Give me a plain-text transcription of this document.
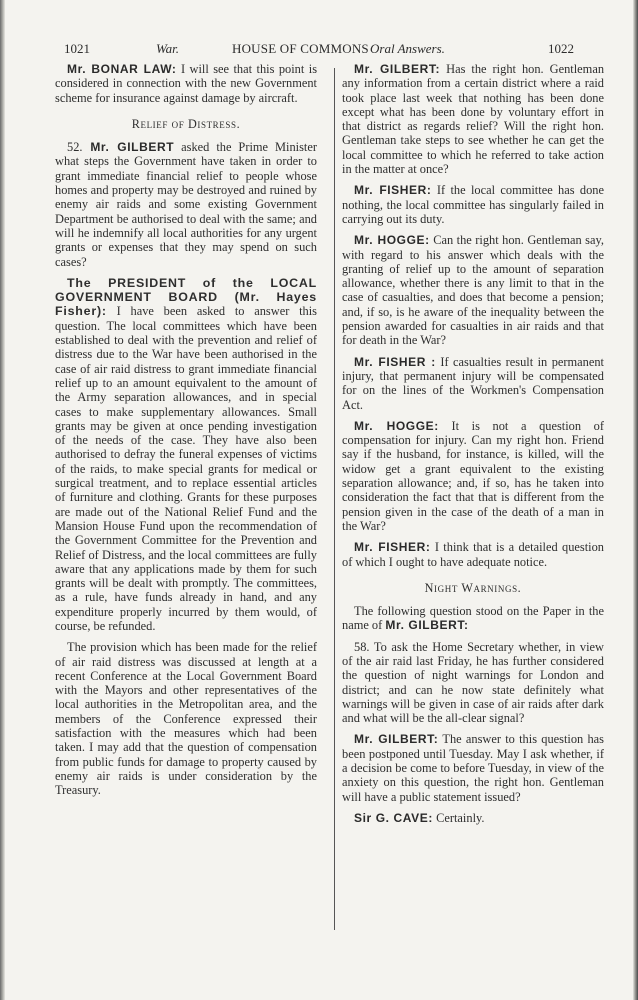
1021	War.	HOUSE OF COMMONS Oral Answers.	1022

Mr. BONAR LAW: I will see that this point is considered in connection with the new Government scheme for insurance against damage by aircraft.

Relief of Distress.

52. Mr. GILBERT asked the Prime Minister what steps the Government have taken in order to grant immediate financial relief to people whose homes and property may be destroyed and ruined by enemy air raids and some existing Government Department be authorised to deal with the same; and will he indemnify all local authorities for any urgent grants or expenses that they may spend on such cases?

The PRESIDENT of the LOCAL GOVERNMENT BOARD (Mr. Hayes Fisher): I have been asked to answer this question. The local committees which have been established to deal with the prevention and relief of distress due to the War have been authorised in the case of air raid distress to grant immediate financial relief up to an amount equivalent to the amount of the Army separation allowances, and in special cases to make supplementary allowances. Small grants may be given at once pending investigation of the needs of the case. They have also been authorised to defray the funeral expenses of victims of the raids, to make special grants for medical or surgical treatment, and to replace essential articles of furniture and clothing. Grants for these purposes are made out of the National Relief Fund and the Mansion House Fund upon the recommendation of the Government Committee for the Prevention and Relief of Distress, and the local committees are fully aware that any applications made by them for such grants will be dealt with promptly. The committees, as a rule, have funds already in hand, and any expenditure properly incurred by them would, of course, be refunded.

The provision which has been made for the relief of air raid distress was discussed at length at a recent Conference at the Local Government Board with the Mayors and other representatives of the local authorities in the Metropolitan area, and the members of the Conference expressed their satisfaction with the measures which had been taken. I may add that the question of compensation from public funds for damage to property caused by enemy air raids is under consideration by the Treasury.

Mr. GILBERT: Has the right hon. Gentleman any information from a certain district where a raid took place last week that nothing has been done except what has been done by voluntary effort in that district as regards relief? Will the right hon. Gentleman take steps to see whether he can get the local committee to which he referred to take action in the matter at once?

Mr. FISHER: If the local committee has done nothing, the local committee has singularly failed in carrying out its duty.

Mr. HOGGE: Can the right hon. Gentleman say, with regard to his answer which deals with the granting of relief up to the amount of separation allowance, whether there is any limit to that in the case of casualties, and does that become a pension; and, if so, is he aware of the inequality between the pension awarded for casualties in air raids and that for death in the War?

Mr. FISHER : If casualties result in permanent injury, that permanent injury will be compensated for on the lines of the Workmen's Compensation Act.

Mr. HOGGE: It is not a question of compensation for injury. Can my right hon. Friend say if the husband, for instance, is killed, will the widow get a grant equivalent to the existing separation allowance; and, if so, has he taken into consideration the fact that that is different from the pension given in the case of the death of a man in the War?

Mr. FISHER: I think that is a detailed question of which I ought to have adequate notice.

Night Warnings.

The following question stood on the Paper in the name of Mr. GILBERT:

58. To ask the Home Secretary whether, in view of the air raid last Friday, he has further considered the question of night warnings for London and district; and can he now state definitely what warnings will be given in case of air raids after dark and what will be the all-clear signal?

Mr. GILBERT: The answer to this question has been postponed until Tuesday. May I ask whether, if a decision be come to before Tuesday, in view of the anxiety on this question, the right hon. Gentleman will have a public statement issued?

Sir G. CAVE: Certainly.
